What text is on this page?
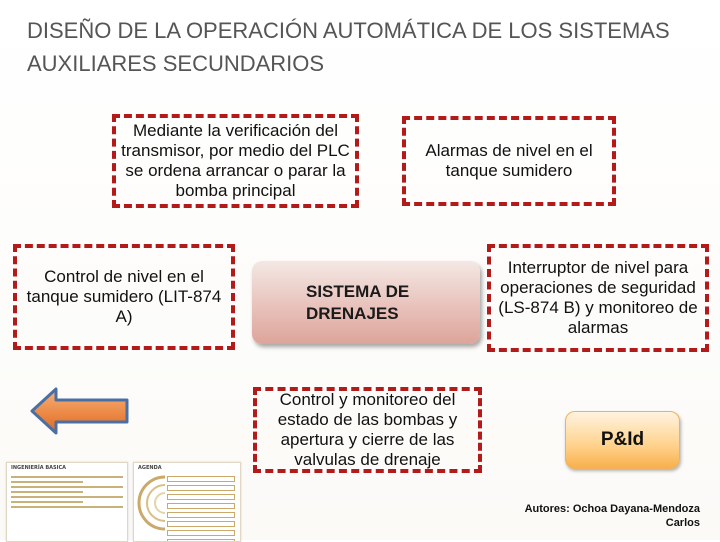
DISEÑO DE LA OPERACIÓN AUTOMÁTICA DE LOS SISTEMAS AUXILIARES SECUNDARIOS
Mediante la verificación del transmisor, por medio del PLC se ordena arrancar o parar la bomba principal
Alarmas de nivel en el tanque sumidero
Control de nivel en el tanque sumidero (LIT-874 A)
Interruptor de nivel para operaciones de seguridad (LS-874 B) y monitoreo de alarmas
Control y monitoreo del estado de las bombas y apertura y cierre de las valvulas de drenaje
SISTEMA DE DRENAJES
P&Id
INGENIERÍA BASICA	AGENDA
Autores: Ochoa Dayana-Mendoza
Carlos
